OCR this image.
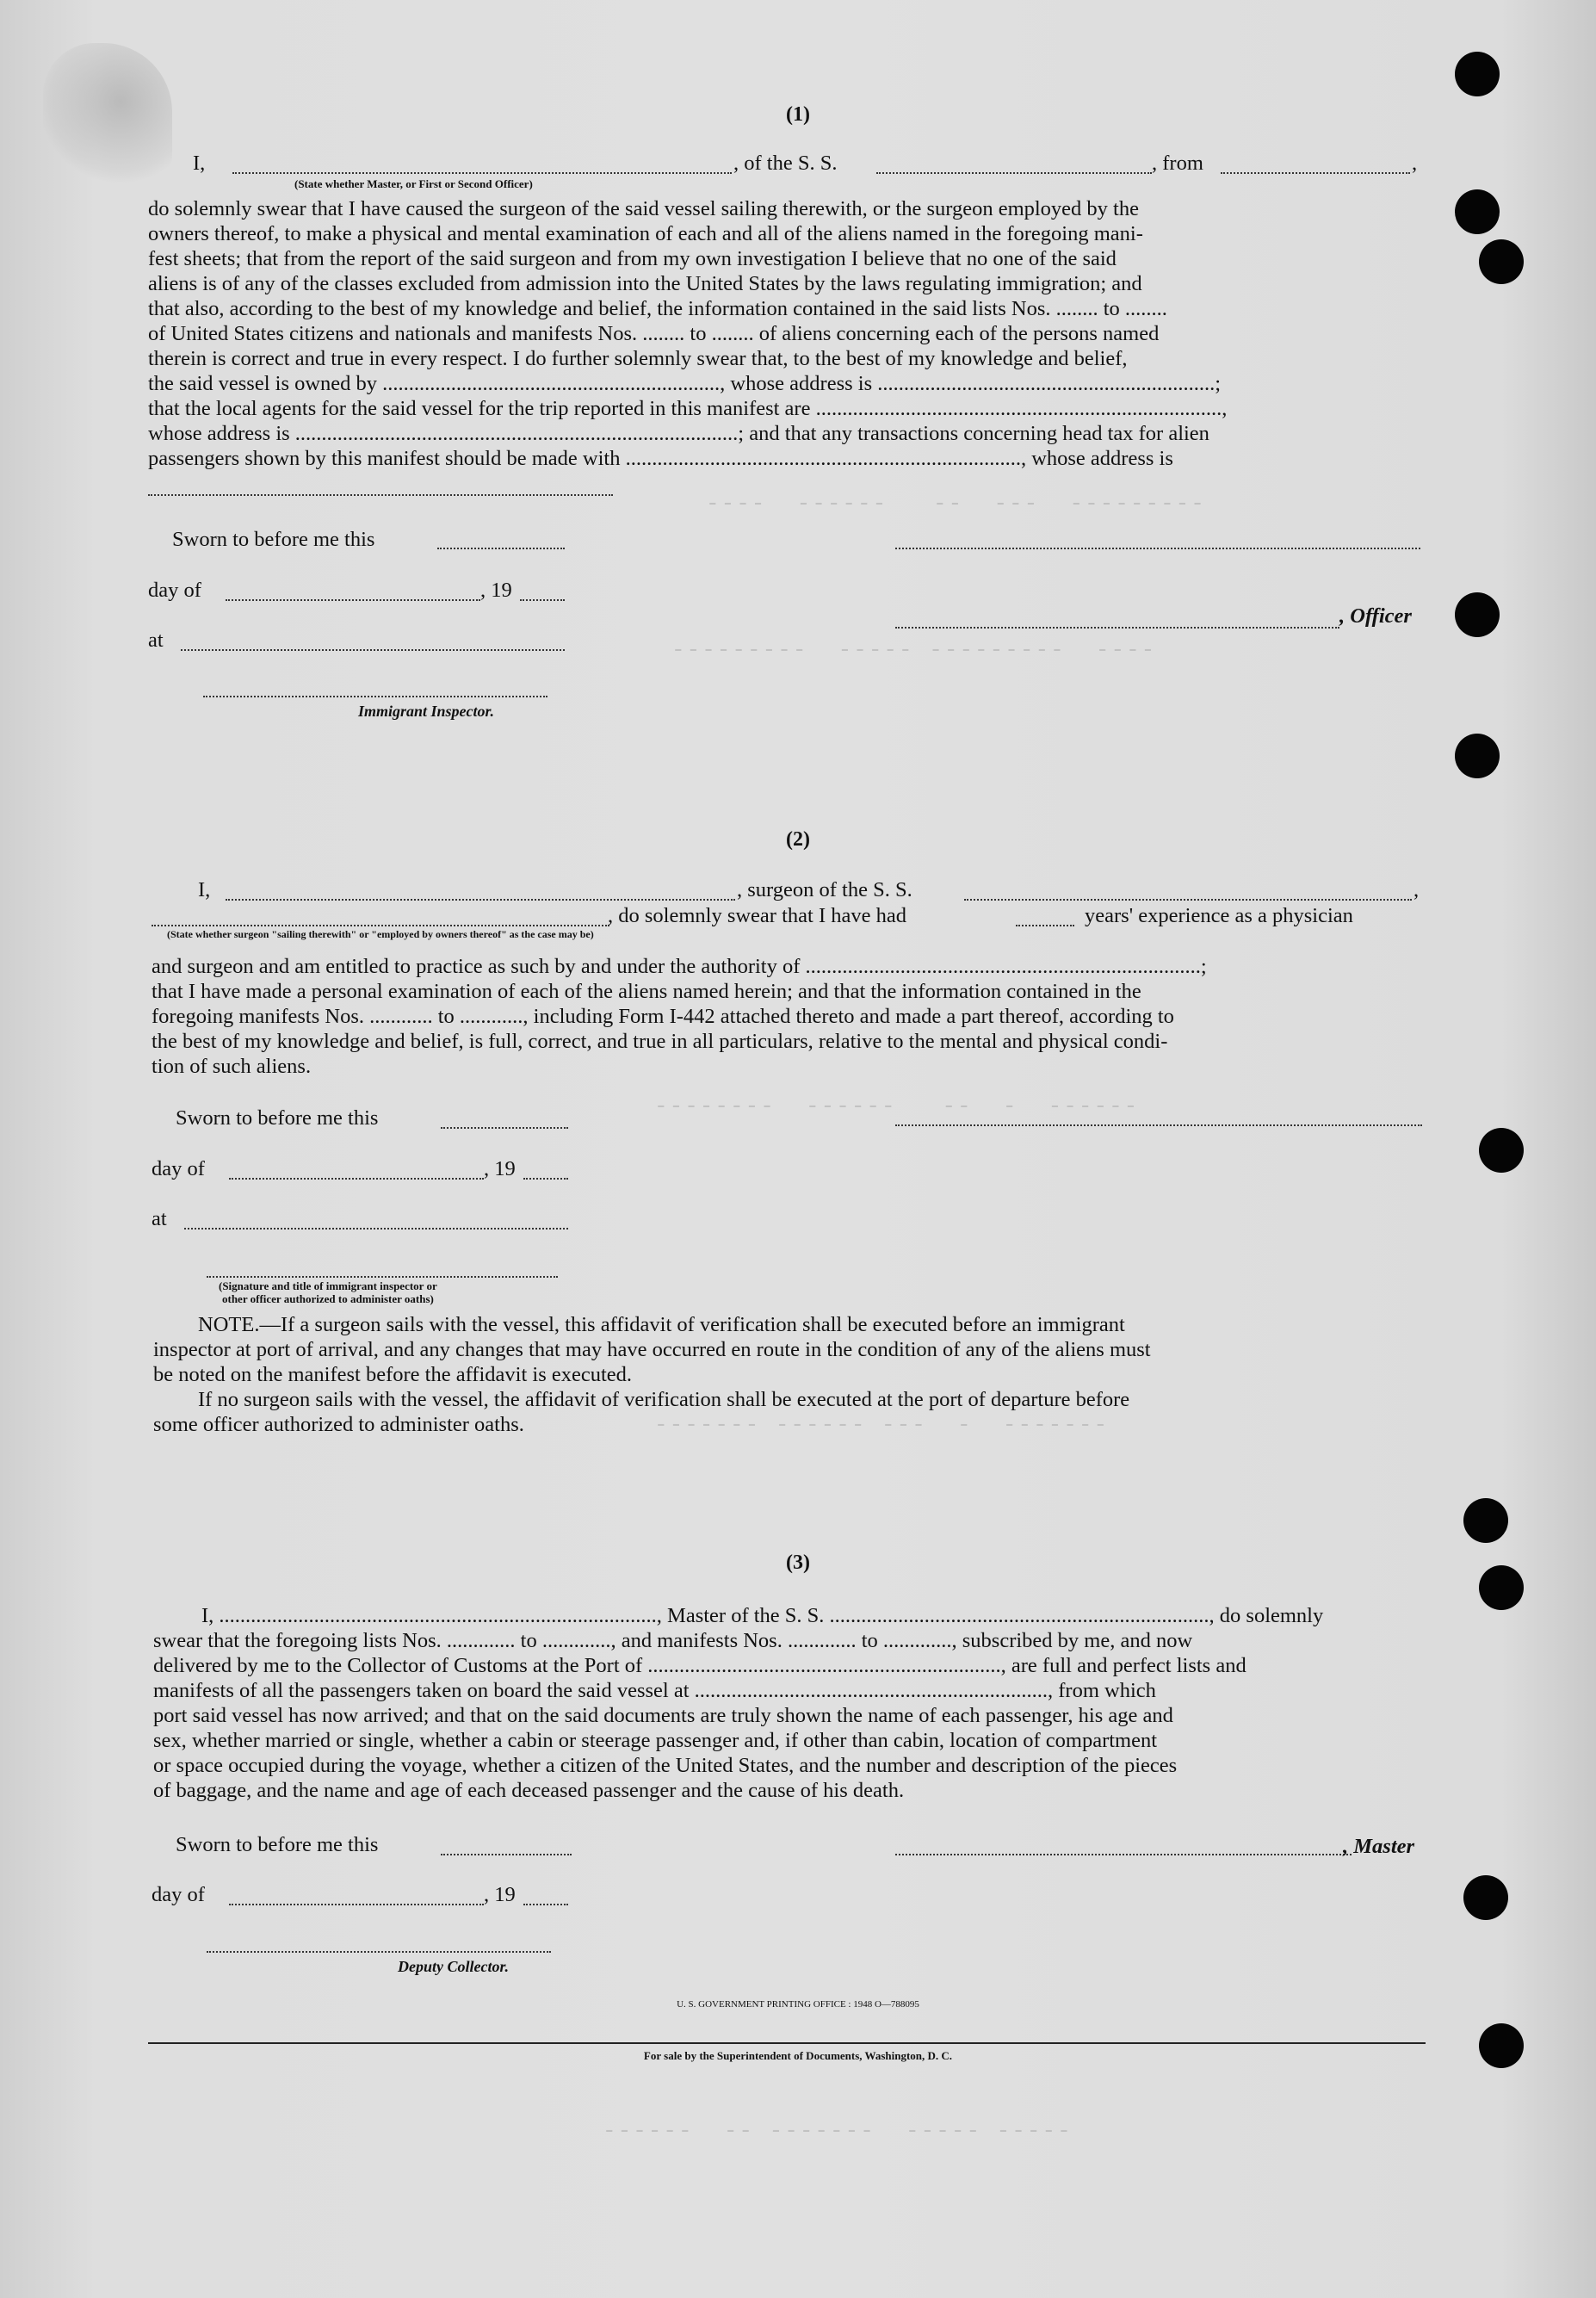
----  ------   --  ---  ---------
---------  ----- ---------  ----
--------  ------   --  -  ------
------- ------ ---  -  -------
------  -- -------  ----- -----
(1)
I,	, of the S. S.	, from	,
(State whether Master, or First or Second Officer)
do solemnly swear that I have caused the surgeon of the said vessel sailing therewith, or the surgeon employed by the
owners thereof, to make a physical and mental examination of each and all of the aliens named in the foregoing mani-
fest sheets; that from the report of the said surgeon and from my own investigation I believe that no one of the said
aliens is of any of the classes excluded from admission into the United States by the laws regulating immigration; and
that also, according to the best of my knowledge and belief, the information contained in the said lists Nos. ........ to ........
of United States citizens and nationals and manifests Nos. ........ to ........ of aliens concerning each of the persons named
therein is correct and true in every respect. I do further solemnly swear that, to the best of my knowledge and belief,
the said vessel is owned by ................................................................, whose address is ................................................................;
that the local agents for the said vessel for the trip reported in this manifest are .............................................................................,
whose address is ....................................................................................; and that any transactions concerning head tax for alien
passengers shown by this manifest should be made with ..........................................................................., whose address is
Sworn to before me this
day of	, 19
, Officer
at
Immigrant Inspector.
(2)
I,	, surgeon of the S. S.	,
, do solemnly swear that I have had	years' experience as a physician
(State whether surgeon "sailing therewith" or "employed by owners thereof" as the case may be)
and surgeon and am entitled to practice as such by and under the authority of ...........................................................................;
that I have made a personal examination of each of the aliens named herein; and that the information contained in the
foregoing manifests Nos. ............ to ............, including Form I-442 attached thereto and made a part thereof, according to
the best of my knowledge and belief, is full, correct, and true in all particulars, relative to the mental and physical condi-
tion of such aliens.
Sworn to before me this
day of	, 19
at
(Signature and title of immigrant inspector or
other officer authorized to administer oaths)
NOTE.—If a surgeon sails with the vessel, this affidavit of verification shall be executed before an immigrant
inspector at port of arrival, and any changes that may have occurred en route in the condition of any of the aliens must
be noted on the manifest before the affidavit is executed.
If no surgeon sails with the vessel, the affidavit of verification shall be executed at the port of departure before
some officer authorized to administer oaths.
(3)
I, ..................................................................................., Master of the S. S. ........................................................................, do solemnly
swear that the foregoing lists Nos. ............. to ............., and manifests Nos. ............. to ............., subscribed by me, and now
delivered by me to the Collector of Customs at the Port of ..................................................................., are full and perfect lists and
manifests of all the passengers taken on board the said vessel at ..................................................................., from which
port said vessel has now arrived; and that on the said documents are truly shown the name of each passenger, his age and
sex, whether married or single, whether a cabin or steerage passenger and, if other than cabin, location of compartment
or space occupied during the voyage, whether a citizen of the United States, and the number and description of the pieces
of baggage, and the name and age of each deceased passenger and the cause of his death.
Sworn to before me this	, Master
day of	, 19
Deputy Collector.
U. S. GOVERNMENT PRINTING OFFICE : 1948 O—788095
For sale by the Superintendent of Documents, Washington, D. C.
